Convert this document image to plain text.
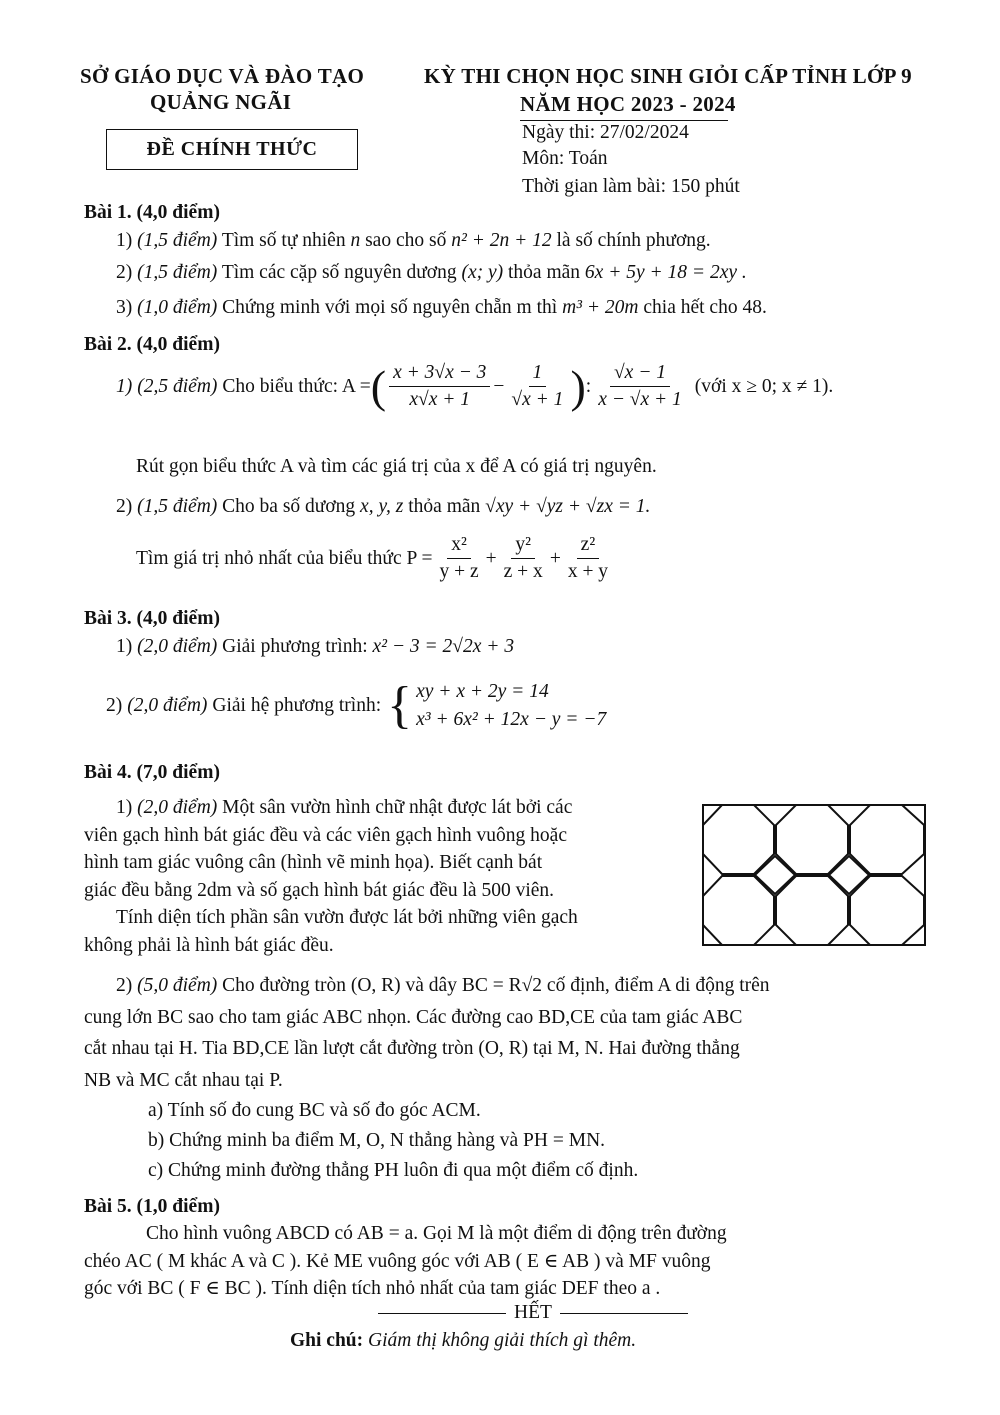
SỞ GIÁO DỤC VÀ ĐÀO TẠO
QUẢNG NGÃI
ĐỀ CHÍNH THỨC
KỲ THI CHỌN HỌC SINH GIỎI CẤP TỈNH LỚP 9
NĂM HỌC 2023 - 2024
Ngày thi: 27/02/2024
Môn: Toán
Thời gian làm bài: 150 phút
Bài 1. (4,0 điểm)
1) (1,5 điểm) Tìm số tự nhiên n sao cho số n² + 2n + 12 là số chính phương.
2) (1,5 điểm) Tìm các cặp số nguyên dương (x; y) thỏa mãn 6x + 5y + 18 = 2xy .
3) (1,0 điểm) Chứng minh với mọi số nguyên chẵn m thì m³ + 20m chia hết cho 48.
Bài 2. (4,0 điểm)
1) (2,5 điểm) Cho biểu thức: A = ( $\frac{x + 3√x - 3}{x√x + 1} - \frac{1}{√x + 1}$ ) : $\frac{√x - 1}{x - √x + 1}$ (với x ≥ 0; x ≠ 1).
Rút gọn biểu thức A và tìm các giá trị của x để A có giá trị nguyên.
2) (1,5 điểm) Cho ba số dương x, y, z thỏa mãn √xy + √yz + √zx = 1.
Tìm giá trị nhỏ nhất của biểu thức $P = \frac{\text{x²}}{y + z} + \frac{\text{y²}}{z + x} + \frac{\text{z²}}{x + y}$
Bài 3. (4,0 điểm)
1) (2,0 điểm) Giải phương trình: x² − 3 = 2√2x + 3
2) (2,0 điểm) Giải hệ phương trình: { xy + x + 2y = 14
x³ + 6x² + 12x − y = −7
Bài 4. (7,0 điểm)
1) (2,0 điểm) Một sân vườn hình chữ nhật được lát bởi các
viên gạch hình bát giác đều và các viên gạch hình vuông hoặc
hình tam giác vuông cân (hình vẽ minh họa). Biết cạnh bát
giác đều bằng 2dm và số gạch hình bát giác đều là 500 viên.
Tính diện tích phần sân vườn được lát bởi những viên gạch
không phải là hình bát giác đều.
2) (5,0 điểm) Cho đường tròn (O, R) và dây BC = R√2 cố định, điểm A di động trên
cung lớn BC sao cho tam giác ABC nhọn. Các đường cao BD,CE của tam giác ABC
cắt nhau tại H. Tia BD,CE lần lượt cắt đường tròn (O, R) tại M, N. Hai đường thẳng
NB và MC cắt nhau tại P.
a) Tính số đo cung BC và số đo góc ACM.
b) Chứng minh ba điểm M, O, N thẳng hàng và PH = MN.
c) Chứng minh đường thẳng PH luôn đi qua một điểm cố định.
Bài 5. (1,0 điểm)
Cho hình vuông ABCD có AB = a. Gọi M là một điểm di động trên đường
chéo AC ( M khác A và C ). Kẻ ME vuông góc với AB ( E ∈ AB ) và MF vuông
góc với BC ( F ∈ BC ). Tính diện tích nhỏ nhất của tam giác DEF theo a .
HẾT
Ghi chú: Giám thị không giải thích gì thêm.
